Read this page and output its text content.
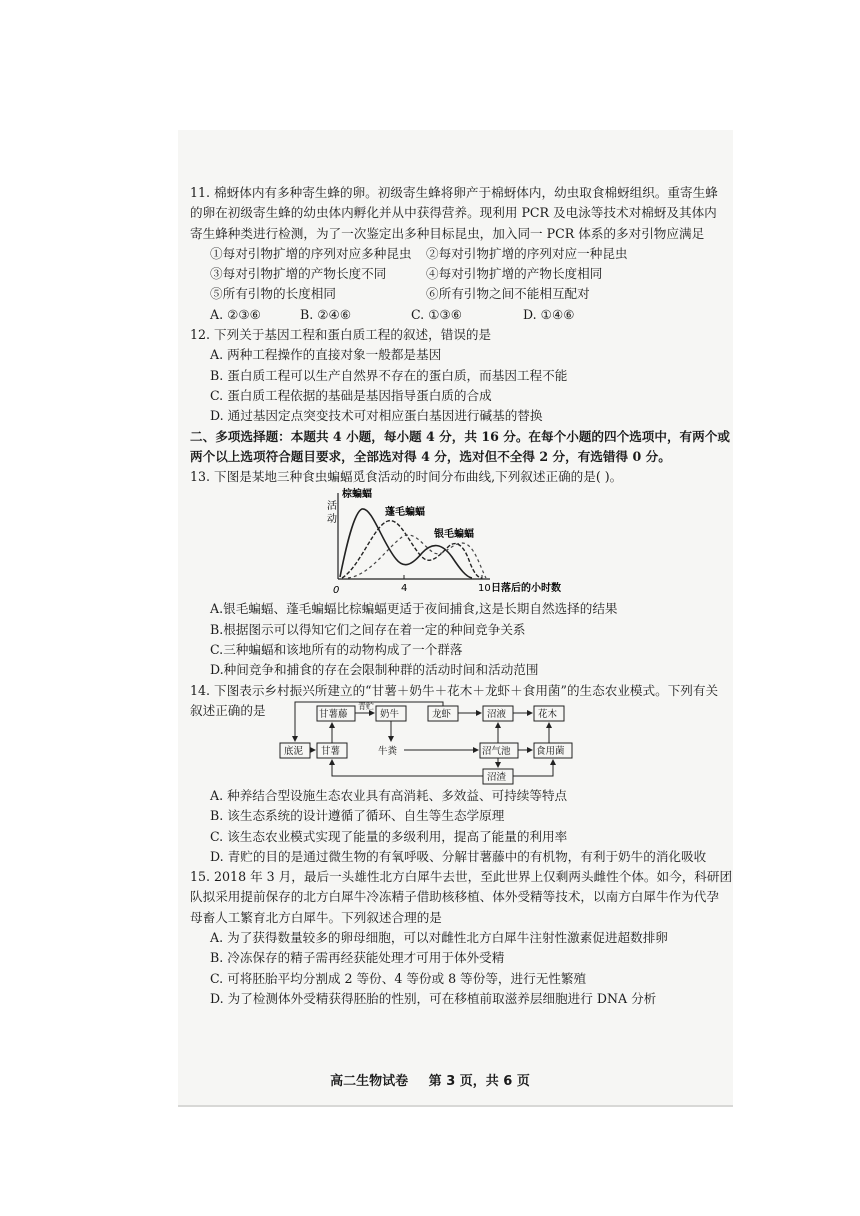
11. 棉蚜体内有多种寄生蜂的卵。初级寄生蜂将卵产于棉蚜体内，幼虫取食棉蚜组织。重寄生蜂
的卵在初级寄生蜂的幼虫体内孵化并从中获得营养。现利用 PCR 及电泳等技术对棉蚜及其体内
寄生蜂种类进行检测，为了一次鉴定出多种目标昆虫，加入同一 PCR 体系的多对引物应满足
①每对引物扩增的序列对应多种昆虫	②每对引物扩增的序列对应一种昆虫
③每对引物扩增的产物长度不同	④每对引物扩增的产物长度相同
⑤所有引物的长度相同	⑥所有引物之间不能相互配对
A. ②③⑥	B. ②④⑥	C. ①③⑥	D. ①④⑥
12. 下列关于基因工程和蛋白质工程的叙述，错误的是
A. 两种工程操作的直接对象一般都是基因
B. 蛋白质工程可以生产自然界不存在的蛋白质，而基因工程不能
C. 蛋白质工程依据的基础是基因指导蛋白质的合成
D. 通过基因定点突变技术可对相应蛋白基因进行碱基的替换
二、多项选择题：本题共 4 小题，每小题 4 分，共 16 分。在每个小题的四个选项中，有两个或
两个以上选项符合题目要求，全部选对得 4 分，选对但不全得 2 分，有选错得 0 分。
13. 下图是某地三种食虫蝙蝠觅食活动的时间分布曲线,下列叙述正确的是( )。
活
动
0	4	10 日落后的小时数
棕蝙蝠
蓬毛蝙蝠
银毛蝙蝠
A.银毛蝙蝠、蓬毛蝙蝠比棕蝙蝠更适于夜间捕食,这是长期自然选择的结果
B.根据图示可以得知它们之间存在着一定的种间竞争关系
C.三种蝙蝠和该地所有的动物构成了一个群落
D.种间竞争和捕食的存在会限制种群的活动时间和活动范围
14. 下图表示乡村振兴所建立的“甘薯＋奶牛＋花木＋龙虾＋食用菌”的生态农业模式。下列有关
叙述正确的是	甘薯藤	奶牛	龙虾	沼液	花木
青贮
底泥 甘薯	牛粪	沼气池	食用菌
沼渣
A. 种养结合型设施生态农业具有高消耗、多效益、可持续等特点
B. 该生态系统的设计遵循了循环、自生等生态学原理
C. 该生态农业模式实现了能量的多级利用，提高了能量的利用率
D. 青贮的目的是通过微生物的有氧呼吸、分解甘薯藤中的有机物，有利于奶牛的消化吸收
15. 2018 年 3 月，最后一头雄性北方白犀牛去世，至此世界上仅剩两头雌性个体。如今，科研团
队拟采用提前保存的北方白犀牛冷冻精子借助核移植、体外受精等技术，以南方白犀牛作为代孕
母畜人工繁育北方白犀牛。下列叙述合理的是
A. 为了获得数量较多的卵母细胞，可以对雌性北方白犀牛注射性激素促进超数排卵
B. 冷冻保存的精子需再经获能处理才可用于体外受精
C. 可将胚胎平均分割成 2 等份、4 等份或 8 等份等，进行无性繁殖
D. 为了检测体外受精获得胚胎的性别，可在移植前取滋养层细胞进行 DNA 分析
高二生物试卷 第 3 页，共 6 页
